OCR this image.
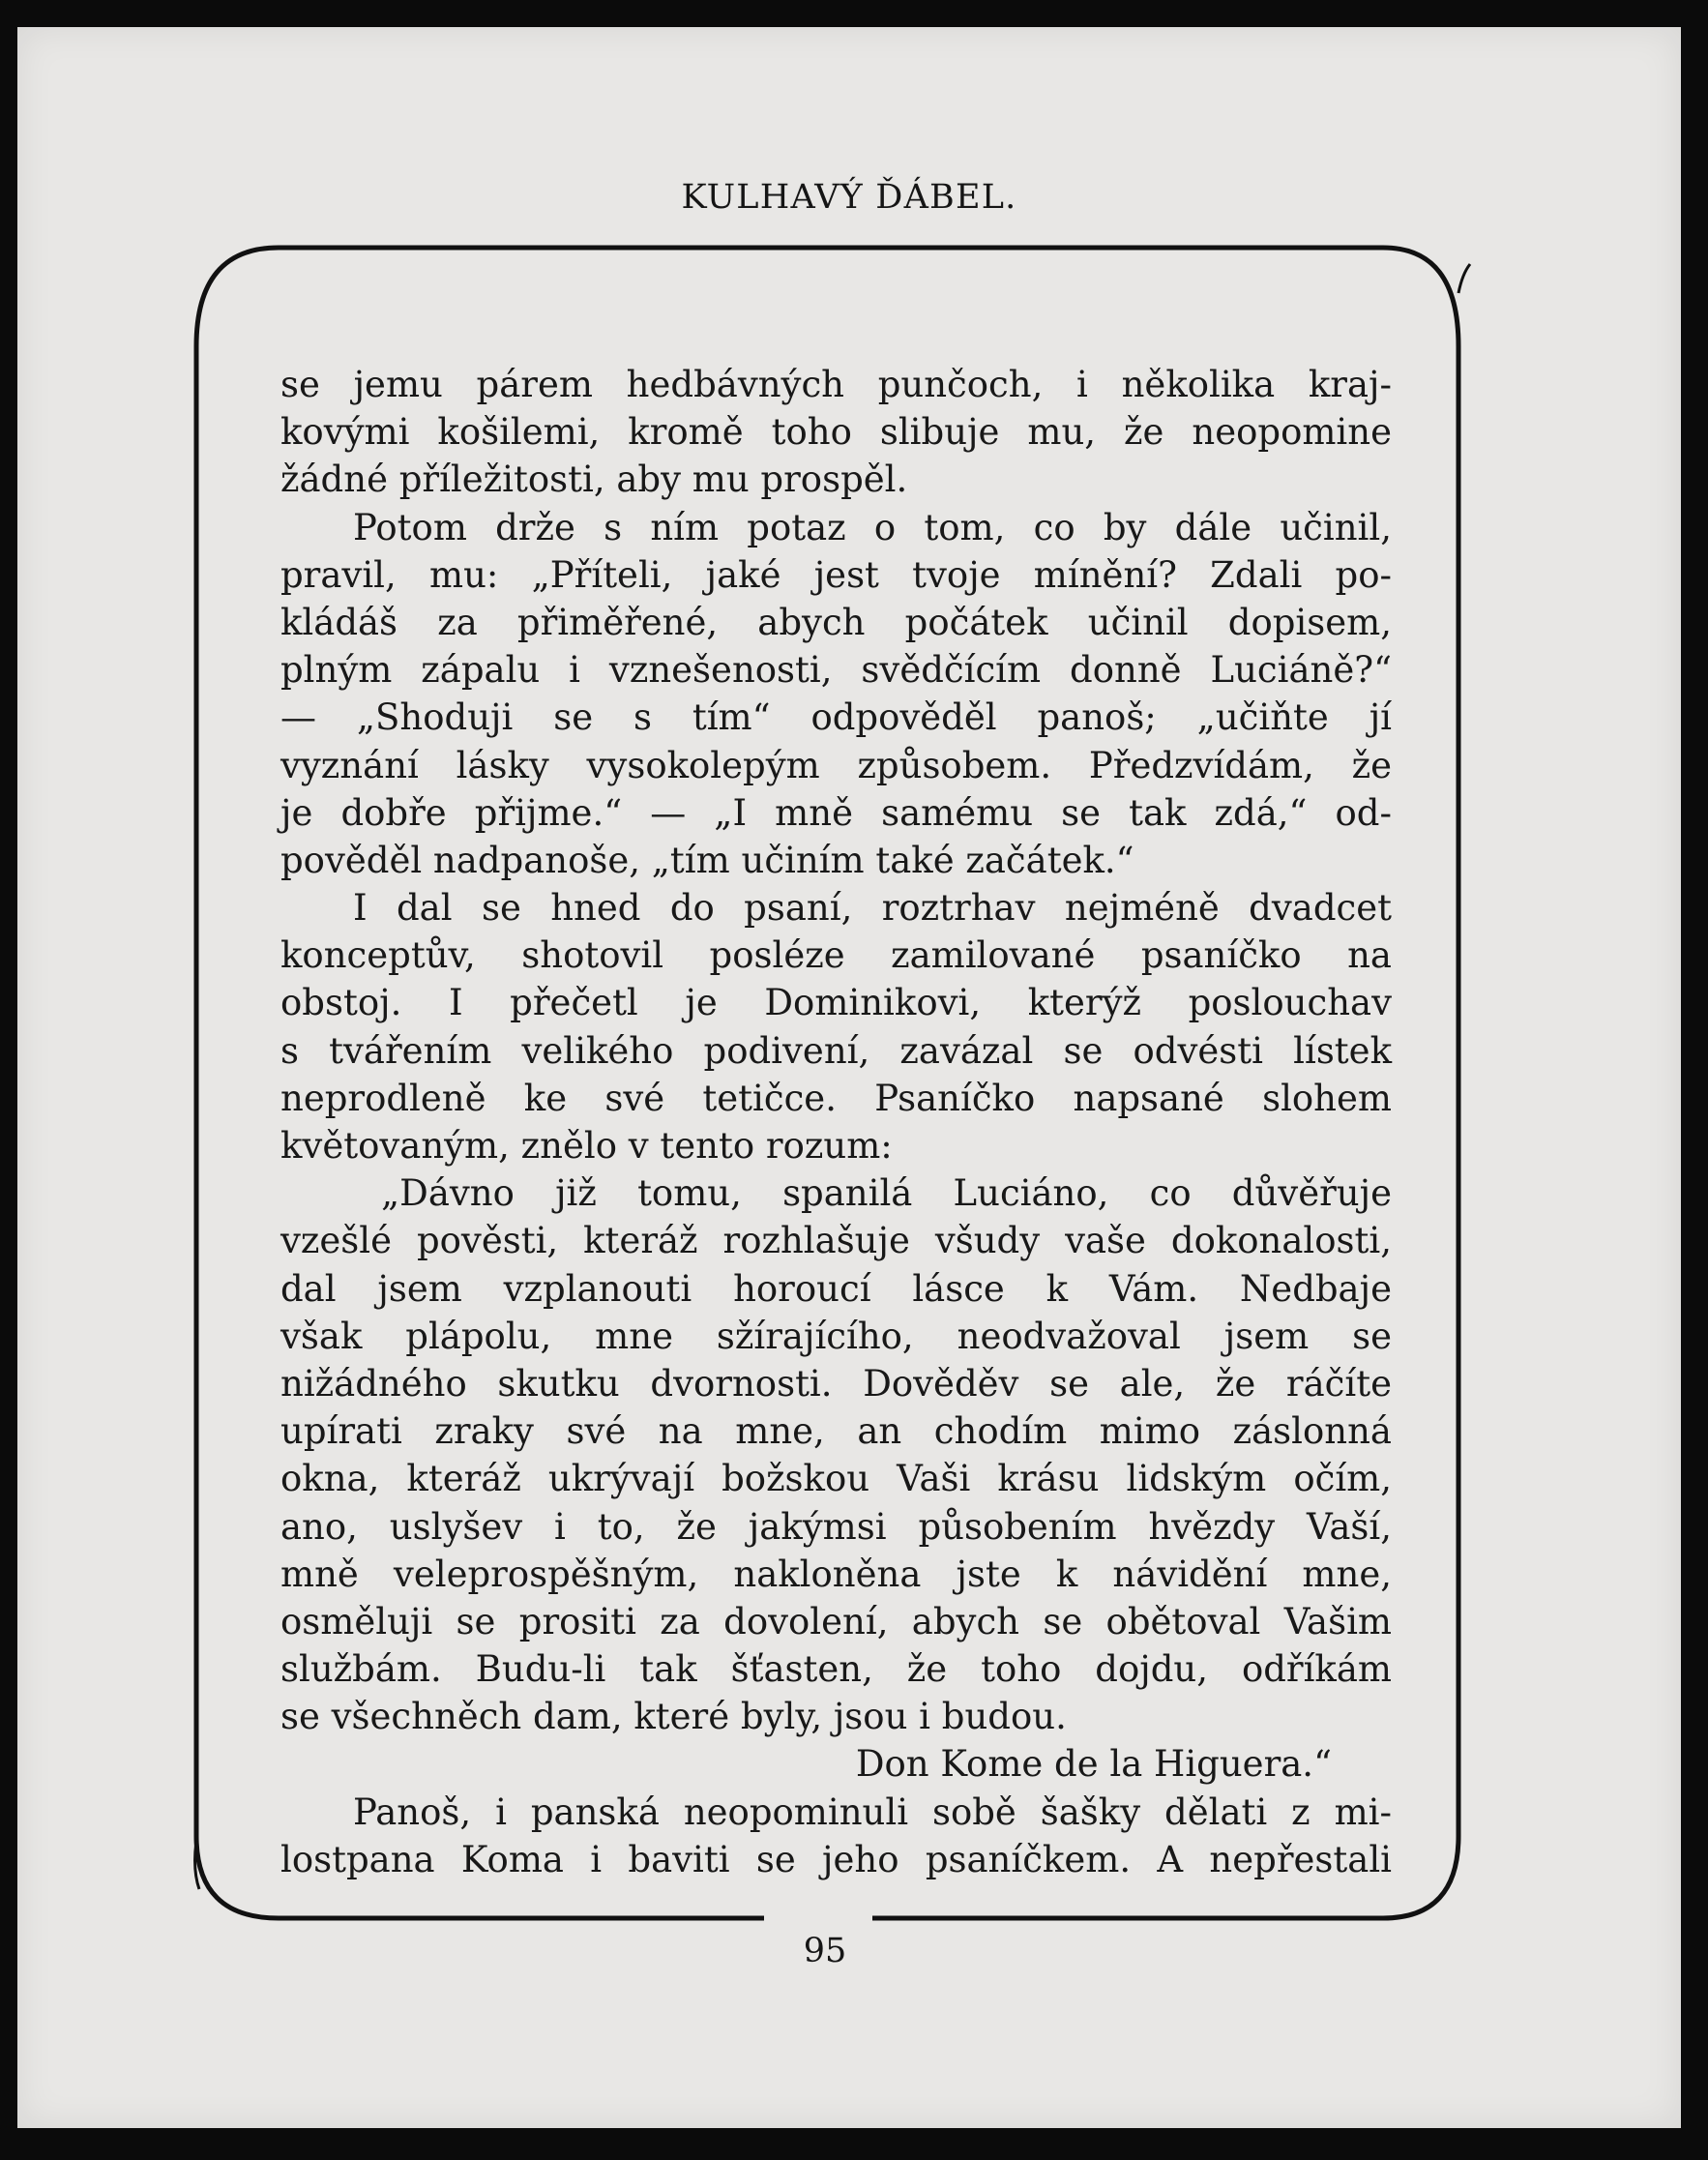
KULHAVÝ ĎÁBEL.
se jemu párem hedbávných punčoch, i několika kraj-
kovými košilemi, kromě toho slibuje mu, že neopomine
žádné příležitosti, aby mu prospěl.
Potom drže s ním potaz o tom, co by dále učinil,
pravil, mu: „Příteli, jaké jest tvoje mínění? Zdali po-
kládáš za přiměřené, abych počátek učinil dopisem,
plným zápalu i vznešenosti, svědčícím donně Luciáně?“
— „Shoduji se s tím“ odpověděl panoš; „učiňte jí
vyznání lásky vysokolepým způsobem. Předzvídám, že
je dobře přijme.“ — „I mně samému se tak zdá,“ od-
pověděl nadpanoše, „tím učiním také začátek.“
I dal se hned do psaní, roztrhav nejméně dvadcet
konceptův, shotovil posléze zamilované psaníčko na
obstoj. I přečetl je Dominikovi, kterýž poslouchav
s tvářením velikého podivení, zavázal se odvésti lístek
neprodleně ke své tetičce. Psaníčko napsané slohem
květovaným, znělo v tento rozum:
„Dávno již tomu, spanilá Luciáno, co důvěřuje
vzešlé pověsti, kteráž rozhlašuje všudy vaše dokonalosti,
dal jsem vzplanouti horoucí lásce k Vám. Nedbaje
však plápolu, mne sžírajícího, neodvažoval jsem se
nižádného skutku dvornosti. Dověděv se ale, že ráčíte
upírati zraky své na mne, an chodím mimo záslonná
okna, kteráž ukrývají božskou Vaši krásu lidským očím,
ano, uslyšev i to, že jakýmsi působením hvězdy Vaší,
mně veleprospěšným, nakloněna jste k návidění mne,
osměluji se prositi za dovolení, abych se obětoval Vašim
službám. Budu-li tak šťasten, že toho dojdu, odříkám
se všechněch dam, které byly, jsou i budou.
Don Kome de la Higuera.“
Panoš, i panská neopominuli sobě šašky dělati z mi-
lostpana Koma i baviti se jeho psaníčkem. A nepřestali
95
